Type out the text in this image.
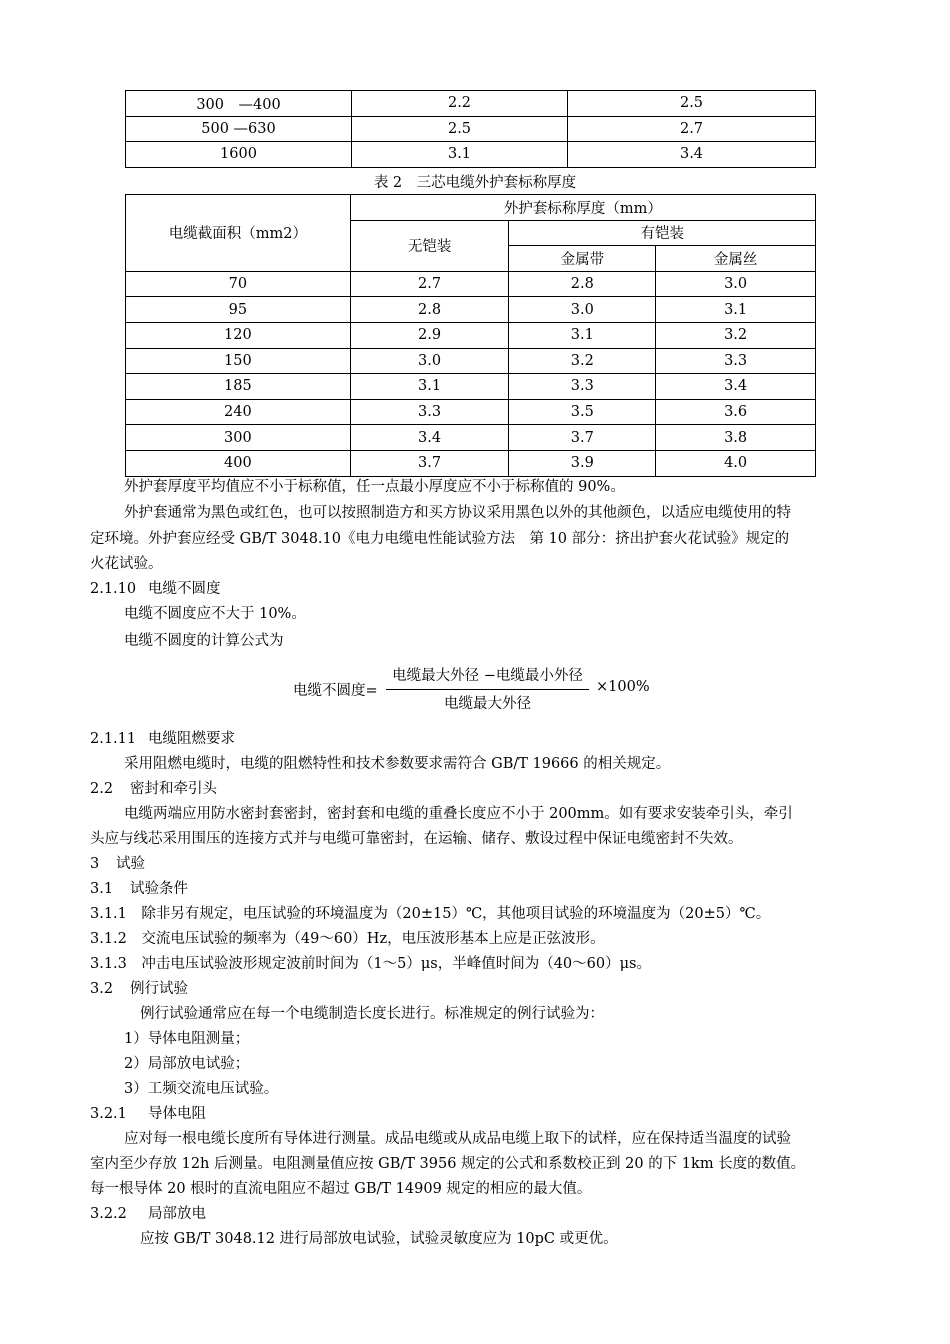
300　—400	2.2	2.5
500 —630	2.5	2.7
1600	3.1	3.4
表 2　三芯电缆外护套标称厚度
电缆截面积（mm2）	外护套标称厚度（mm）		
	无铠装	有铠装	
		金属带	金属丝
70	2.7	2.8	3.0
95	2.8	3.0	3.1
120	2.9	3.1	3.2
150	3.0	3.2	3.3
185	3.1	3.3	3.4
240	3.3	3.5	3.6
300	3.4	3.7	3.8
400	3.7	3.9	4.0
外护套厚度平均值应不小于标称值，任一点最小厚度应不小于标称值的 90%。
外护套通常为黑色或红色，也可以按照制造方和买方协议采用黑色以外的其他颜色，以适应电缆使用的特
定环境。外护套应经受 GB/T 3048.10《电力电缆电性能试验方法　第 10 部分：挤出护套火花试验》规定的
火花试验。
2.1.10 电缆不圆度
电缆不圆度应不大于 10%。
电缆不圆度的计算公式为
电缆不圆度=
电缆最大外径 −电缆最小外径
电缆最大外径
×100%
2.1.11 电缆阻燃要求
采用阻燃电缆时，电缆的阻燃特性和技术参数要求需符合 GB/T 19666 的相关规定。
2.2 密封和牵引头
电缆两端应用防水密封套密封，密封套和电缆的重叠长度应不小于 200mm。如有要求安装牵引头，牵引
头应与线芯采用围压的连接方式并与电缆可靠密封，在运输、储存、敷设过程中保证电缆密封不失效。
3 试验
3.1 试验条件
3.1.1　除非另有规定，电压试验的环境温度为（20±15）℃，其他项目试验的环境温度为（20±5）℃。
3.1.2　交流电压试验的频率为（49～60）Hz，电压波形基本上应是正弦波形。
3.1.3　冲击电压试验波形规定波前时间为（1～5）μs，半峰值时间为（40～60）μs。
3.2 例行试验
例行试验通常应在每一个电缆制造长度长进行。标准规定的例行试验为：
1）导体电阻测量；
2）局部放电试验；
3）工频交流电压试验。
3.2.1 导体电阻
应对每一根电缆长度所有导体进行测量。成品电缆或从成品电缆上取下的试样，应在保持适当温度的试验
室内至少存放 12h 后测量。电阻测量值应按 GB/T 3956 规定的公式和系数校正到 20 的下 1km 长度的数值。
每一根导体 20 根时的直流电阻应不超过 GB/T 14909 规定的相应的最大值。
3.2.2 局部放电
应按 GB/T 3048.12 进行局部放电试验，试验灵敏度应为 10pC 或更优。
